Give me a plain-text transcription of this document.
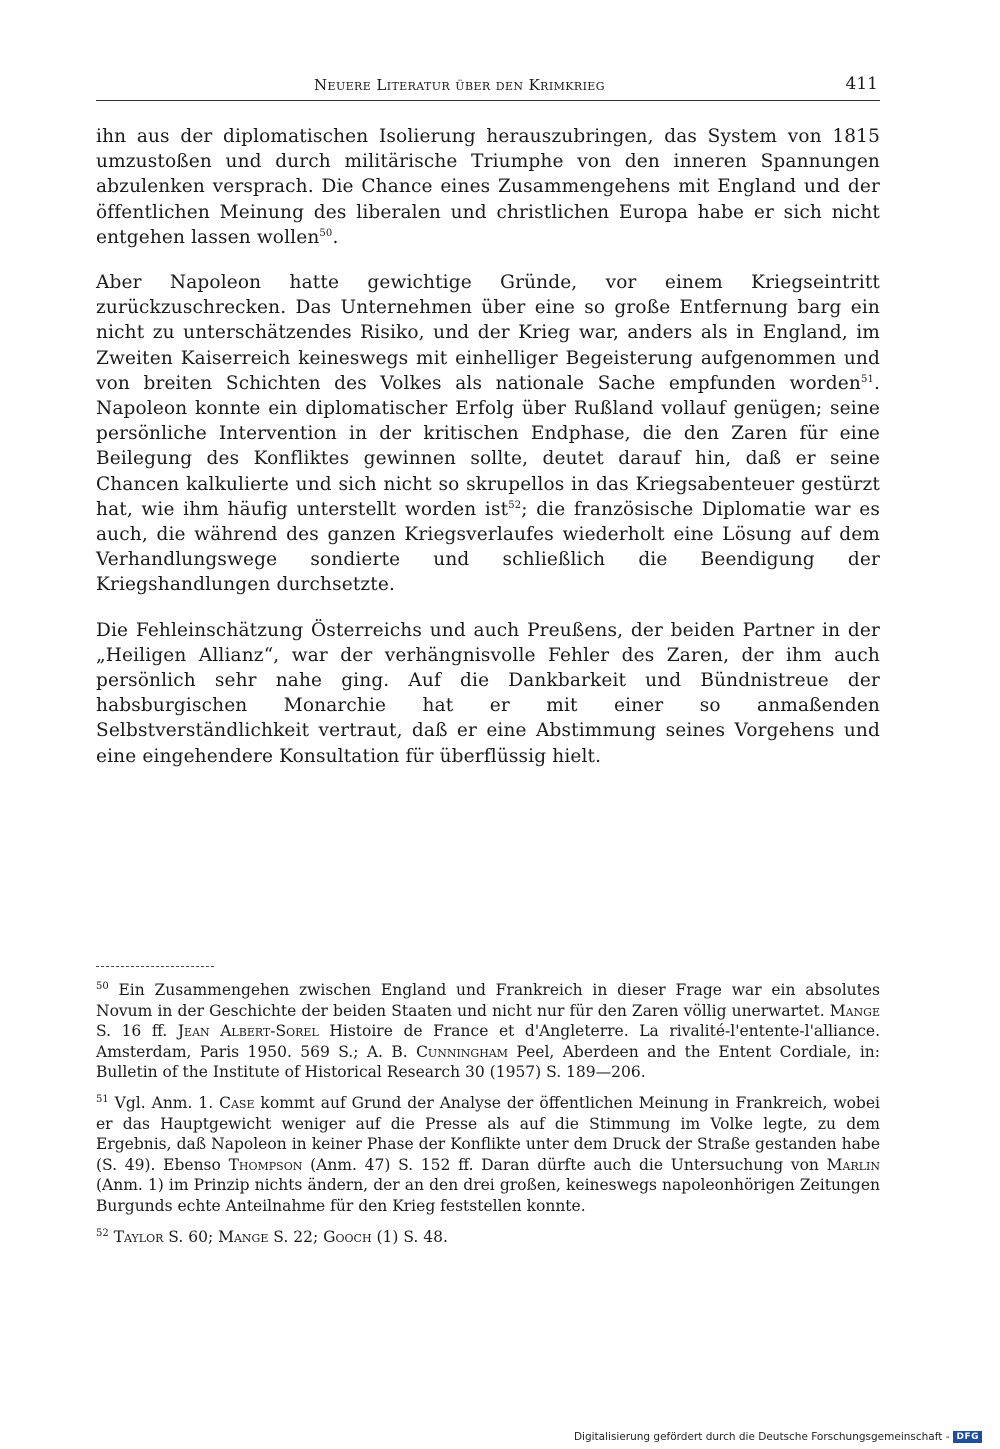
Neuere Literatur über den Krimkrieg	411

ihn aus der diplomatischen Isolierung herauszubringen, das System von 1815 umzustoßen und durch militärische Triumphe von den inneren Spannungen abzulenken versprach. Die Chance eines Zusammengehens mit England und der öffentlichen Meinung des liberalen und christlichen Europa habe er sich nicht entgehen lassen wollen$^{50}$.

Aber Napoleon hatte gewichtige Gründe, vor einem Kriegseintritt zurückzuschrecken. Das Unternehmen über eine so große Entfernung barg ein nicht zu unterschätzendes Risiko, und der Krieg war, anders als in England, im Zweiten Kaiserreich keineswegs mit einhelliger Begeisterung aufgenommen und von breiten Schichten des Volkes als nationale Sache empfunden worden$^{51}$. Napoleon konnte ein diplomatischer Erfolg über Rußland vollauf genügen; seine persönliche Intervention in der kritischen Endphase, die den Zaren für eine Beilegung des Konfliktes gewinnen sollte, deutet darauf hin, daß er seine Chancen kalkulierte und sich nicht so skrupellos in das Kriegsabenteuer gestürzt hat, wie ihm häufig unterstellt worden ist$^{52}$; die französische Diplomatie war es auch, die während des ganzen Kriegsverlaufes wiederholt eine Lösung auf dem Verhandlungswege sondierte und schließlich die Beendigung der Kriegshandlungen durchsetzte.

Die Fehleinschätzung Österreichs und auch Preußens, der beiden Partner in der „Heiligen Allianz“, war der verhängnisvolle Fehler des Zaren, der ihm auch persönlich sehr nahe ging. Auf die Dankbarkeit und Bündnistreue der habsburgischen Monarchie hat er mit einer so anmaßenden Selbstverständlichkeit vertraut, daß er eine Abstimmung seines Vorgehens und eine eingehendere Konsultation für überflüssig hielt.

$^{50}$ Ein Zusammengehen zwischen England und Frankreich in dieser Frage war ein absolutes Novum in der Geschichte der beiden Staaten und nicht nur für den Zaren völlig unerwartet. Mange S. 16 ff. Jean Albert-Sorel Histoire de France et d'Angleterre. La rivalité-l'entente-l'alliance. Amsterdam, Paris 1950. 569 S.; A. B. Cunningham Peel, Aberdeen and the Entent Cordiale, in: Bulletin of the Institute of Historical Research 30 (1957) S. 189—206.

$^{51}$ Vgl. Anm. 1. Case kommt auf Grund der Analyse der öffentlichen Meinung in Frankreich, wobei er das Hauptgewicht weniger auf die Presse als auf die Stimmung im Volke legte, zu dem Ergebnis, daß Napoleon in keiner Phase der Konflikte unter dem Druck der Straße gestanden habe (S. 49). Ebenso Thompson (Anm. 47) S. 152 ff. Daran dürfte auch die Untersuchung von Marlin (Anm. 1) im Prinzip nichts ändern, der an den drei großen, keineswegs napoleonhörigen Zeitungen Burgunds echte Anteilnahme für den Krieg feststellen konnte.

$^{52}$ Taylor S. 60; Mange S. 22; Gooch (1) S. 48.

Digitalisierung gefördert durch die Deutsche Forschungsgemeinschaft - DFG
